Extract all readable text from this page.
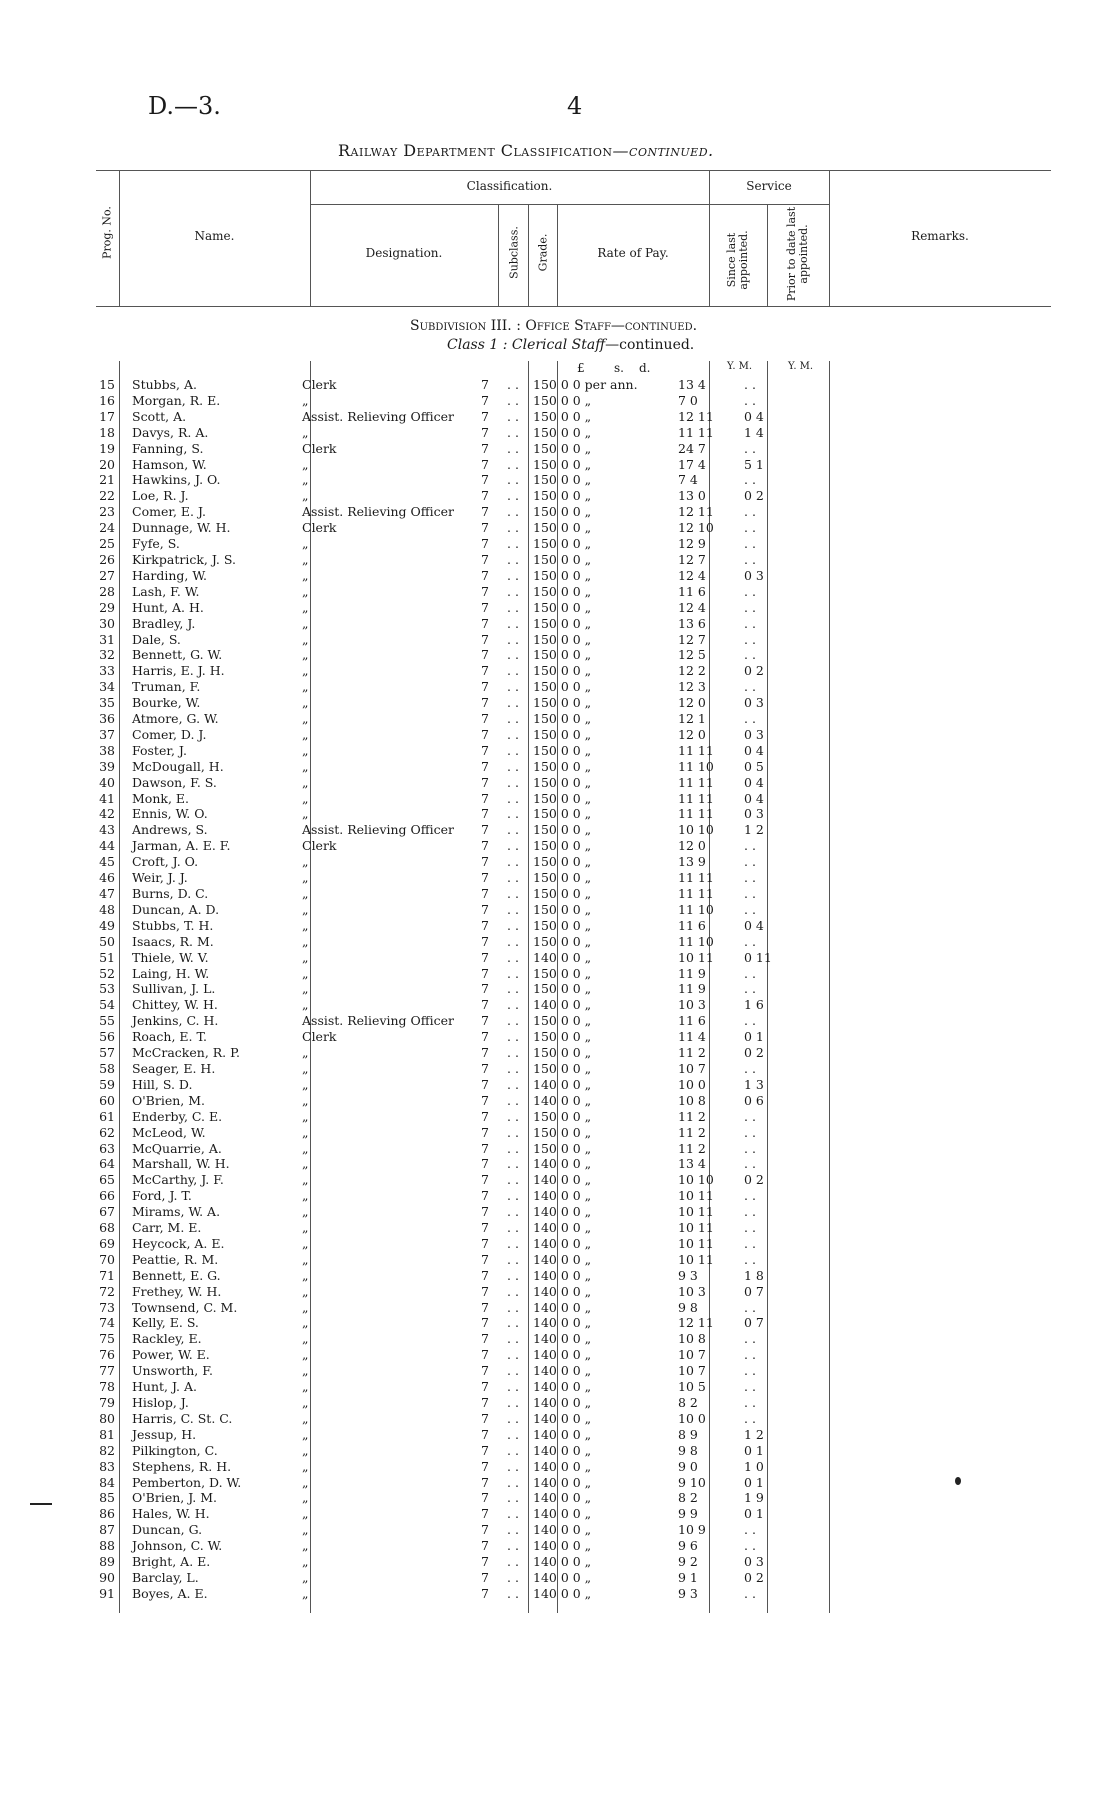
D.—3.	4
Railway Department Classification—continued.
Prog. No.	Name.
Classification.
Designation.	Subclass. Grade.	Rate of Pay.
Service
Since last appointed.	Prior to date last appointed.	Remarks.
Subdivision III. : Office Staff—continued.
Class 1 : Clerical Staff—continued.
£ s. d.	Y. M.	Y. M.
15	Stubbs, A.	Clerk	7	. .	150 0 0 per ann.	13 4	. .
16	Morgan, R. E.	„	7	. .	150 0 0 „	7 0	. .
17	Scott, A.	Assist. Relieving Officer	7	. .	150 0 0 „	12 11	0 4
18	Davys, R. A.	„	7	. .	150 0 0 „	11 11	1 4
19	Fanning, S.	Clerk	7	. .	150 0 0 „	24 7	. .
20	Hamson, W.	„	7	. .	150 0 0 „	17 4	5 1
21	Hawkins, J. O.	„	7	. .	150 0 0 „	7 4	. .
22	Loe, R. J.	„	7	. .	150 0 0 „	13 0	0 2
23	Comer, E. J.	Assist. Relieving Officer	7	. .	150 0 0 „	12 11	. .
24	Dunnage, W. H.	Clerk	7	. .	150 0 0 „	12 10	. .
25	Fyfe, S.	„	7	. .	150 0 0 „	12 9	. .
26	Kirkpatrick, J. S.	„	7	. .	150 0 0 „	12 7	. .
27	Harding, W.	„	7	. .	150 0 0 „	12 4	0 3
28	Lash, F. W.	„	7	. .	150 0 0 „	11 6	. .
29	Hunt, A. H.	„	7	. .	150 0 0 „	12 4	. .
30	Bradley, J.	„	7	. .	150 0 0 „	13 6	. .
31	Dale, S.	„	7	. .	150 0 0 „	12 7	. .
32	Bennett, G. W.	„	7	. .	150 0 0 „	12 5	. .
33	Harris, E. J. H.	„	7	. .	150 0 0 „	12 2	0 2
34	Truman, F.	„	7	. .	150 0 0 „	12 3	. .
35	Bourke, W.	„	7	. .	150 0 0 „	12 0	0 3
36	Atmore, G. W.	„	7	. .	150 0 0 „	12 1	. .
37	Comer, D. J.	„	7	. .	150 0 0 „	12 0	0 3
38	Foster, J.	„	7	. .	150 0 0 „	11 11	0 4
39	McDougall, H.	„	7	. .	150 0 0 „	11 10	0 5
40	Dawson, F. S.	„	7	. .	150 0 0 „	11 11	0 4
41	Monk, E.	„	7	. .	150 0 0 „	11 11	0 4
42	Ennis, W. O.	„	7	. .	150 0 0 „	11 11	0 3
43	Andrews, S.	Assist. Relieving Officer	7	. .	150 0 0 „	10 10	1 2
44	Jarman, A. E. F.	Clerk	7	. .	150 0 0 „	12 0	. .
45	Croft, J. O.	„	7	. .	150 0 0 „	13 9	. .
46	Weir, J. J.	„	7	. .	150 0 0 „	11 11	. .
47	Burns, D. C.	„	7	. .	150 0 0 „	11 11	. .
48	Duncan, A. D.	„	7	. .	150 0 0 „	11 10	. .
49	Stubbs, T. H.	„	7	. .	150 0 0 „	11 6	0 4
50	Isaacs, R. M.	„	7	. .	150 0 0 „	11 10	. .
51	Thiele, W. V.	„	7	. .	140 0 0 „	10 11	0 11
52	Laing, H. W.	„	7	. .	150 0 0 „	11 9	. .
53	Sullivan, J. L.	„	7	. .	150 0 0 „	11 9	. .
54	Chittey, W. H.	„	7	. .	140 0 0 „	10 3	1 6
55	Jenkins, C. H.	Assist. Relieving Officer	7	. .	150 0 0 „	11 6	. .
56	Roach, E. T.	Clerk	7	. .	150 0 0 „	11 4	0 1
57	McCracken, R. P.	„	7	. .	150 0 0 „	11 2	0 2
58	Seager, E. H.	„	7	. .	150 0 0 „	10 7	. .
59	Hill, S. D.	„	7	. .	140 0 0 „	10 0	1 3
60	O'Brien, M.	„	7	. .	140 0 0 „	10 8	0 6
61	Enderby, C. E.	„	7	. .	150 0 0 „	11 2	. .
62	McLeod, W.	„	7	. .	150 0 0 „	11 2	. .
63	McQuarrie, A.	„	7	. .	150 0 0 „	11 2	. .
64	Marshall, W. H.	„	7	. .	140 0 0 „	13 4	. .
65	McCarthy, J. F.	„	7	. .	140 0 0 „	10 10	0 2
66	Ford, J. T.	„	7	. .	140 0 0 „	10 11	. .
67	Mirams, W. A.	„	7	. .	140 0 0 „	10 11	. .
68	Carr, M. E.	„	7	. .	140 0 0 „	10 11	. .
69	Heycock, A. E.	„	7	. .	140 0 0 „	10 11	. .
70	Peattie, R. M.	„	7	. .	140 0 0 „	10 11	. .
71	Bennett, E. G.	„	7	. .	140 0 0 „	9 3	1 8
72	Frethey, W. H.	„	7	. .	140 0 0 „	10 3	0 7
73	Townsend, C. M.	„	7	. .	140 0 0 „	9 8	. .
74	Kelly, E. S.	„	7	. .	140 0 0 „	12 11	0 7
75	Rackley, E.	„	7	. .	140 0 0 „	10 8	. .
76	Power, W. E.	„	7	. .	140 0 0 „	10 7	. .
77	Unsworth, F.	„	7	. .	140 0 0 „	10 7	. .
78	Hunt, J. A.	„	7	. .	140 0 0 „	10 5	. .
79	Hislop, J.	„	7	. .	140 0 0 „	8 2	. .
80	Harris, C. St. C.	„	7	. .	140 0 0 „	10 0	. .
81	Jessup, H.	„	7	. .	140 0 0 „	8 9	1 2
82	Pilkington, C.	„	7	. .	140 0 0 „	9 8	0 1
83	Stephens, R. H.	„	7	. .	140 0 0 „	9 0	1 0
84	Pemberton, D. W.	„	7	. .	140 0 0 „	9 10	0 1
85	O'Brien, J. M.	„	7	. .	140 0 0 „	8 2	1 9
86	Hales, W. H.	„	7	. .	140 0 0 „	9 9	0 1
87	Duncan, G.	„	7	. .	140 0 0 „	10 9	. .
88	Johnson, C. W.	„	7	. .	140 0 0 „	9 6	. .
89	Bright, A. E.	„	7	. .	140 0 0 „	9 2	0 3
90	Barclay, L.	„	7	. .	140 0 0 „	9 1	0 2
91	Boyes, A. E.	„	7	. .	140 0 0 „	9 3	. .
